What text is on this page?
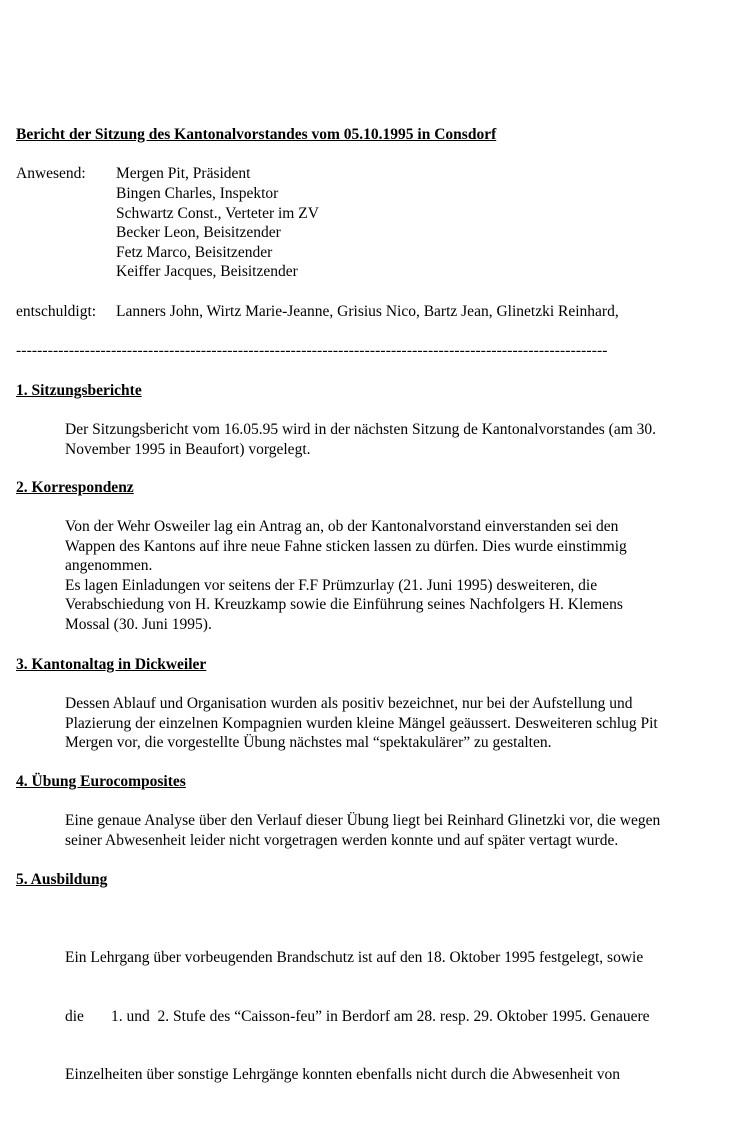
Bericht der Sitzung des Kantonalvorstandes vom 05.10.1995 in Consdorf
Anwesend: Mergen Pit, Präsident
Bingen Charles, Inspektor
Schwartz Const., Verteter im ZV
Becker Leon, Beisitzender
Fetz Marco, Beisitzender
Keiffer Jacques, Beisitzender
entschuldigt: Lanners John, Wirtz Marie-Jeanne, Grisius Nico, Bartz Jean, Glinetzki Reinhard,
----------------------------------------------------------------------------------------------------------------
1. Sitzungsberichte

Der Sitzungsbericht vom 16.05.95 wird in der nächsten Sitzung de Kantonalvorstandes (am 30.

November 1995 in Beaufort) vorgelegt.

2. Korrespondenz

Von der Wehr Osweiler lag ein Antrag an, ob der Kantonalvorstand einverstanden sei den

Wappen des Kantons auf ihre neue Fahne sticken lassen zu dürfen. Dies wurde einstimmig

angenommen.

Es lagen Einladungen vor seitens der F.F Prümzurlay (21. Juni 1995) desweiteren, die

Verabschiedung von H. Kreuzkamp sowie die Einführung seines Nachfolgers H. Klemens

Mossal (30. Juni 1995).

3. Kantonaltag in Dickweiler

Dessen Ablauf und Organisation wurden als positiv bezeichnet, nur bei der Aufstellung und

Plazierung der einzelnen Kompagnien wurden kleine Mängel geäussert. Desweiteren schlug Pit

Mergen vor, die vorgestellte Übung nächstes mal “spektakulärer” zu gestalten.

4. Übung Eurocomposites

Eine genaue Analyse über den Verlauf dieser Übung liegt bei Reinhard Glinetzki vor, die wegen

seiner Abwesenheit leider nicht vorgetragen werden konnte und auf später vertagt wurde.

5. Ausbildung

Ein Lehrgang über vorbeugenden Brandschutz ist auf den 18. Oktober 1995 festgelegt, sowie

die       1. und  2. Stufe des “Caisson-feu” in Berdorf am 28. resp. 29. Oktober 1995. Genauere

Einzelheiten über sonstige Lehrgänge konnten ebenfalls nicht durch die Abwesenheit von
